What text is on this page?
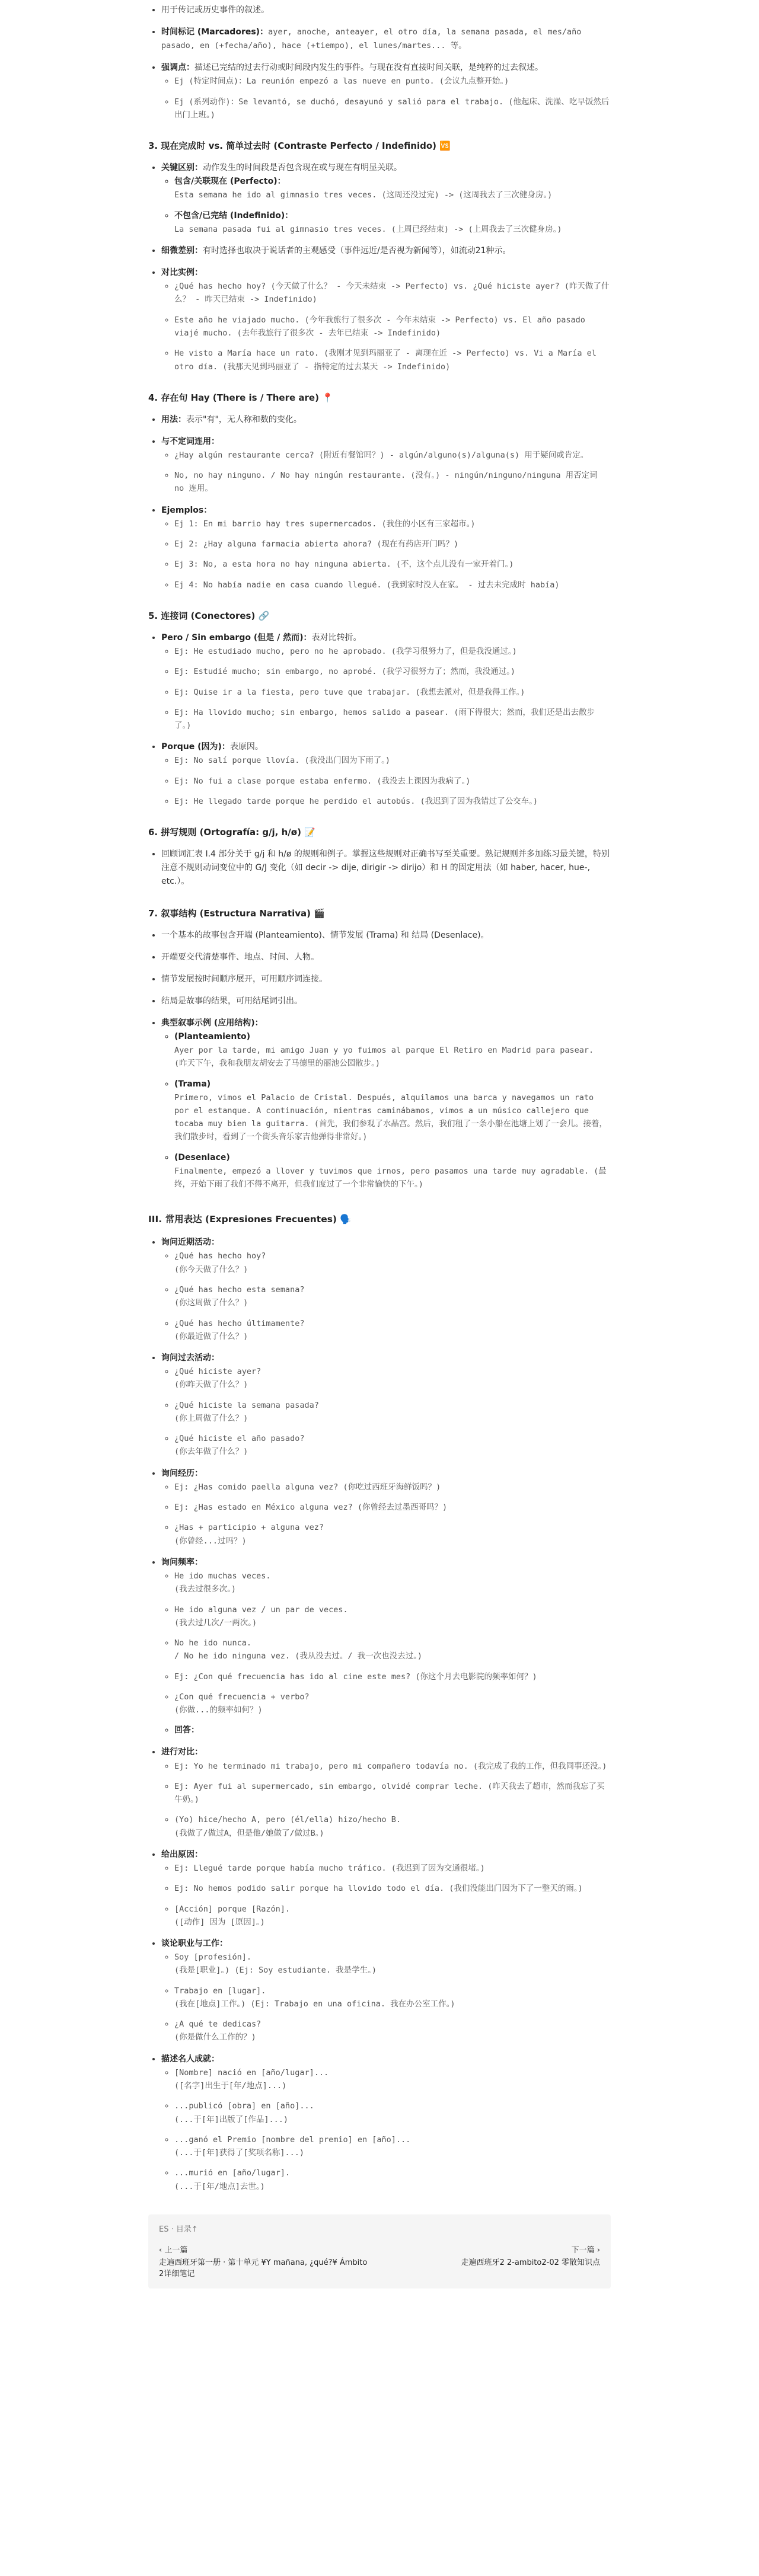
• 用于传记或历史事件的叙述。
• 时间标记 (Marcadores)：ayer, anoche, anteayer, el otro día, la semana pasada, el mes/año pasado, en (+fecha/año), hace (+tiempo), el lunes/martes... 等。
• 强调点：描述已完结的过去行动或时间段内发生的事件。与现在没有直接时间关联，是纯粹的过去叙述。
◦ Ej (特定时间点)：La reunión empezó a las nueve en punto. (会议九点整开始。)
◦ Ej (系列动作)：Se levantó, se duchó, desayunó y salió para el trabajo. (他起床、洗澡、吃早饭然后出门上班。)
3. 现在完成时 vs. 简单过去时 (Contraste Perfecto / Indefinido) 🆚
• 关键区别：动作发生的时间段是否包含现在或与现在有明显关联。
◦ 包含/关联现在 (Perfecto)：
Esta semana he ido al gimnasio tres veces. (这周还没过完) -> (这周我去了三次健身房。)
◦ 不包含/已完结 (Indefinido)：
La semana pasada fui al gimnasio tres veces. (上周已经结束) -> (上周我去了三次健身房。)
• 细微差别：有时选择也取决于说话者的主观感受（事件远近/是否视为新闻等），如流动21种示。
• 对比实例：
◦ ¿Qué has hecho hoy? (今天做了什么？ - 今天未结束 -> Perfecto) vs. ¿Qué hiciste ayer? (昨天做了什么？ - 昨天已结束 -> Indefinido)
◦ Este año he viajado mucho. (今年我旅行了很多次 - 今年未结束 -> Perfecto) vs. El año pasado viajé mucho. (去年我旅行了很多次 - 去年已结束 -> Indefinido)
◦ He visto a María hace un rato. (我刚才见到玛丽亚了 - 离现在近 -> Perfecto) vs. Vi a María el otro día. (我那天见到玛丽亚了 - 指特定的过去某天 -> Indefinido)
4. 存在句 Hay (There is / There are) 📍
• 用法：表示"有"，无人称和数的变化。
• 与不定词连用：
◦ ¿Hay algún restaurante cerca? (附近有餐馆吗？) - algún/alguno(s)/alguna(s) 用于疑问或肯定。
◦ No, no hay ninguno. / No hay ningún restaurante. (没有。) - ningún/ninguno/ninguna 用否定词 no 连用。
• Ejemplos：
◦ Ej 1: En mi barrio hay tres supermercados. (我住的小区有三家超市。)
◦ Ej 2: ¿Hay alguna farmacia abierta ahora? (现在有药店开门吗？)
◦ Ej 3: No, a esta hora no hay ninguna abierta. (不，这个点儿没有一家开着门。)
◦ Ej 4: No había nadie en casa cuando llegué. (我到家时没人在家。 - 过去未完成时 había)
5. 连接词 (Conectores) 🔗
• Pero / Sin embargo (但是 / 然而)：表对比转折。
◦ Ej: He estudiado mucho, pero no he aprobado. (我学习很努力了，但是我没通过。)
◦ Ej: Estudié mucho; sin embargo, no aprobé. (我学习很努力了；然而，我没通过。)
◦ Ej: Quise ir a la fiesta, pero tuve que trabajar. (我想去派对，但是我得工作。)
◦ Ej: Ha llovido mucho; sin embargo, hemos salido a pasear. (雨下得很大；然而，我们还是出去散步了。)
• Porque (因为)：表原因。
◦ Ej: No salí porque llovía. (我没出门因为下雨了。)
◦ Ej: No fui a clase porque estaba enfermo. (我没去上课因为我病了。)
◦ Ej: He llegado tarde porque he perdido el autobús. (我迟到了因为我错过了公交车。)
6. 拼写规则 (Ortografía: g/j, h/ø) 📝
• 回顾词汇表 I.4 部分关于 g/j 和 h/ø 的规则和例子。掌握这些规则对正确书写至关重要。熟记规则并多加练习最关键，特别注意不规则动词变位中的 G/J 变化（如 decir -> dije, dirigir -> dirijo）和 H 的固定用法（如 haber, hacer, hue-, etc.）。
7. 叙事结构 (Estructura Narrativa) 🎬
• 一个基本的故事包含开端 (Planteamiento)、情节发展 (Trama) 和 结局 (Desenlace)。
• 开端要交代清楚事件、地点、时间、人物。
• 情节发展按时间顺序展开，可用顺序词连接。
• 结局是故事的结果，可用结尾词引出。
• 典型叙事示例 (应用结构)：
◦ (Planteamiento)
Ayer por la tarde, mi amigo Juan y yo fuimos al parque El Retiro en Madrid para pasear. (昨天下午，我和我朋友胡安去了马德里的丽池公园散步。)
◦ (Trama)
Primero, vimos el Palacio de Cristal. Después, alquilamos una barca y navegamos un rato por el estanque. A continuación, mientras caminábamos, vimos a un músico callejero que tocaba muy bien la guitarra. (首先，我们参观了水晶宫。然后，我们租了一条小船在池塘上划了一会儿。接着，我们散步时，看到了一个街头音乐家吉他弹得非常好。)
◦ (Desenlace)
Finalmente, empezó a llover y tuvimos que irnos, pero pasamos una tarde muy agradable. (最终，开始下雨了我们不得不离开，但我们度过了一个非常愉快的下午。)
III. 常用表达 (Expresiones Frecuentes) 🗣️
• 询问近期活动：
◦ ¿Qué has hecho hoy?
(你今天做了什么？)
◦ ¿Qué has hecho esta semana?
(你这周做了什么？)
◦ ¿Qué has hecho últimamente?
(你最近做了什么？)
• 询问过去活动：
◦ ¿Qué hiciste ayer?
(你昨天做了什么？)
◦ ¿Qué hiciste la semana pasada?
(你上周做了什么？)
◦ ¿Qué hiciste el año pasado?
(你去年做了什么？)
• 询问经历：
◦ Ej: ¿Has comido paella alguna vez? (你吃过西班牙海鲜饭吗？)
◦ Ej: ¿Has estado en México alguna vez? (你曾经去过墨西哥吗？)
◦ ¿Has + participio + alguna vez?
(你曾经...过吗？)
• 询问频率：
◦ He ido muchas veces.
(我去过很多次。)
◦ He ido alguna vez / un par de veces.
(我去过几次/一两次。)
◦ No he ido nunca.
/ No he ido ninguna vez. (我从没去过。/ 我一次也没去过。)
◦ Ej: ¿Con qué frecuencia has ido al cine este mes? (你这个月去电影院的频率如何？)
◦ ¿Con qué frecuencia + verbo?
(你做...的频率如何？)
◦ 回答：
• 进行对比：
◦ Ej: Yo he terminado mi trabajo, pero mi compañero todavía no. (我完成了我的工作，但我同事还没。)
◦ Ej: Ayer fui al supermercado, sin embargo, olvidé comprar leche. (昨天我去了超市，然而我忘了买牛奶。)
◦ (Yo) hice/hecho A, pero (él/ella) hizo/hecho B.
(我做了/做过A，但是他/她做了/做过B。)
• 给出原因：
◦ Ej: Llegué tarde porque había mucho tráfico. (我迟到了因为交通很堵。)
◦ Ej: No hemos podido salir porque ha llovido todo el día. (我们没能出门因为下了一整天的雨。)
◦ [Acción] porque [Razón].
([动作] 因为 [原因]。)
• 谈论职业与工作：
◦ Soy [profesión].
(我是[职业]。) (Ej: Soy estudiante. 我是学生。)
◦ Trabajo en [lugar].
(我在[地点]工作。) (Ej: Trabajo en una oficina. 我在办公室工作。)
◦ ¿A qué te dedicas?
(你是做什么工作的？)
• 描述名人成就：
◦ [Nombre] nació en [año/lugar]...
([名字]出生于[年/地点]...)
◦ ...publicó [obra] en [año]...
(...于[年]出版了[作品]...)
◦ ...ganó el Premio [nombre del premio] en [año]...
(...于[年]获得了[奖项名称]...)
◦ ...murió en [año/lugar].
(...于[年/地点]去世。)
ES · 目录↑
‹ 上一篇
走遍西班牙第一册 · 第十单元 ¥Y mañana, ¿qué?¥ Ámbito 2详细笔记
下一篇 ›
走遍西班牙2 2-ambito2-02 零散知识点
